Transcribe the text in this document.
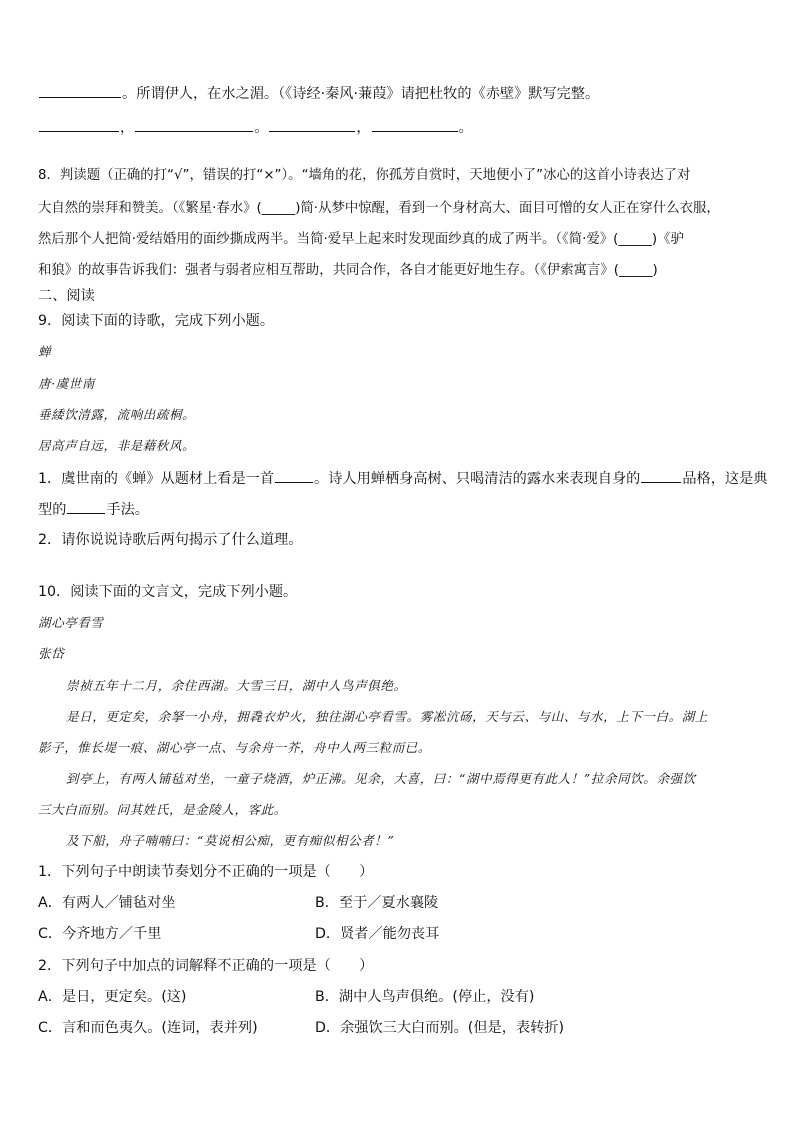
。所谓伊人，在水之湄。（《诗经·秦风·蒹葭》请把杜牧的《赤壁》默写完整。
，	。	，	。
8．判读题（正确的打“√”，错误的打“×”）。“墙角的花，你孤芳自赏时，天地便小了”冰心的这首小诗表达了对
大自然的崇拜和赞美。（《繁星·春水》(_____)简·从梦中惊醒，看到一个身材高大、面目可憎的女人正在穿什么衣服，
然后那个人把简·爱结婚用的面纱撕成两半。当简·爱早上起来时发现面纱真的成了两半。（《简·爱》(_____)《驴
和狼》的故事告诉我们：强者与弱者应相互帮助，共同合作，各自才能更好地生存。（《伊索寓言》(_____)
二、阅读
9．阅读下面的诗歌，完成下列小题。
蝉
唐·虞世南
垂緌饮清露，流响出疏桐。
居高声自远，非是藉秋风。
1．虞世南的《蝉》从题材上看是一首	。诗人用蝉栖身高树、只喝清洁的露水来表现自身的	品格，这是典
型的	手法。
2．请你说说诗歌后两句揭示了什么道理。
10．阅读下面的文言文，完成下列小题。
湖心亭看雪
张岱
崇祯五年十二月，余住西湖。大雪三日，湖中人鸟声俱绝。
是日，更定矣，余拏一小舟，拥毳衣炉火，独往湖心亭看雪。雾凇沆砀，天与云、与山、与水，上下一白。湖上
影子，惟长堤一痕、湖心亭一点、与余舟一芥，舟中人两三粒而已。
到亭上，有两人铺毡对坐，一童子烧酒，炉正沸。见余，大喜，曰：“湖中焉得更有此人！”拉余同饮。余强饮
三大白而别。问其姓氏，是金陵人，客此。
及下船，舟子喃喃曰：“莫说相公痴，更有痴似相公者！”
1．下列句子中朗读节奏划分不正确的一项是（　　）
A．有两人／铺毡对坐	B．至于／夏水襄陵
C．今齐地方／千里	D．贤者／能勿丧耳
2．下列句子中加点的词解释不正确的一项是（　　）
A．是日，更定矣。(这)	B．湖中人鸟声俱绝。(停止，没有)
C．言和而色夷久。(连词，表并列)	D．余强饮三大白而别。(但是，表转折)
